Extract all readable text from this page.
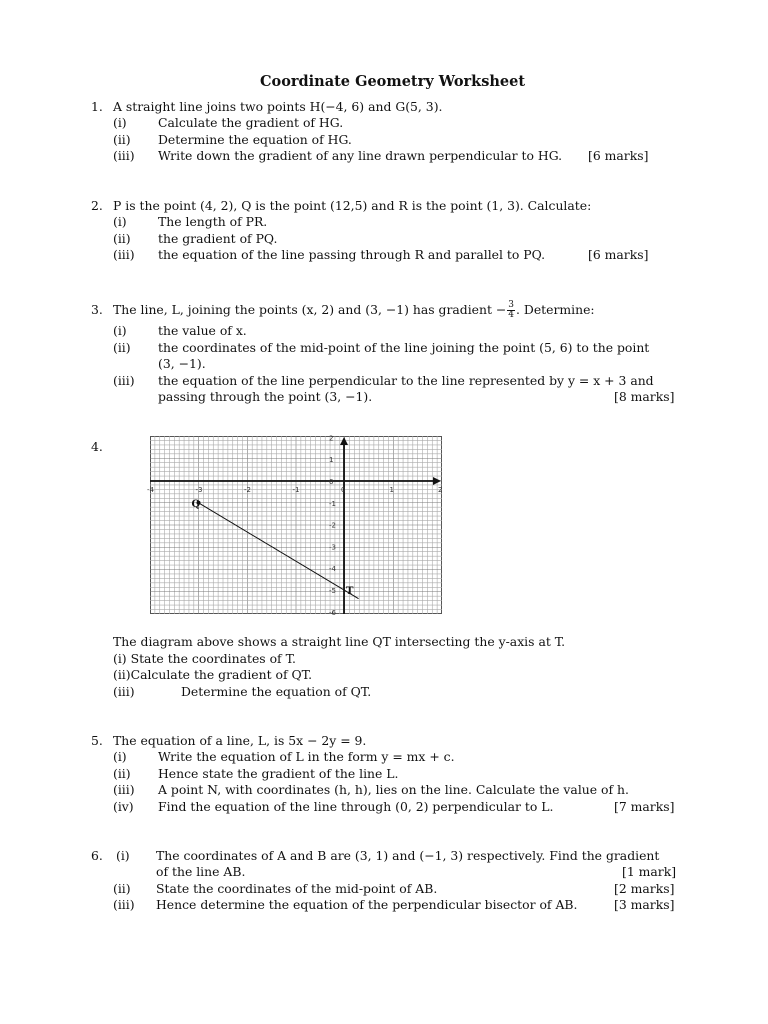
Coordinate Geometry Worksheet
1. A straight line joins two points H(−4, 6) and G(5, 3).
(i)	Calculate the gradient of HG.
(ii) Determine the equation of HG.
(iii) Write down the gradient of any line drawn perpendicular to HG. [6 marks]
2. P is the point (4, 2), Q is the point (12,5) and R is the point (1, 3). Calculate:
(i)	The length of PR.
(ii) the gradient of PQ.
(iii) the equation of the line passing through R and parallel to PQ.	[6 marks]
3. The line, L, joining the points (x, 2) and (3, −1) has gradient − $\frac{3}{4}$ . Determine:
(i)	the value of x.
(ii) the coordinates of the mid-point of the line joining the point (5, 6) to the point
(3, −1).
(iii) the equation of the line perpendicular to the line represented by y = x + 3 and
passing through the point (3, −1).	[8 marks]
4.
-4	-3	-2	-1	0	1	2
2
1
0
-1
-2
-3
-4
-5
-6
Q
T
The diagram above shows a straight line QT intersecting the y-axis at T.
(i) State the coordinates of T.
(ii)Calculate the gradient of QT.
(iii)	Determine the equation of QT.
5. The equation of a line, L, is 5x − 2y = 9.
(i)	Write the equation of L in the form y = mx + c.
(ii) Hence state the gradient of the line L.
(iii) A point N, with coordinates (h, h), lies on the line. Calculate the value of h.
(iv) Find the equation of the line through (0, 2) perpendicular to L.	[7 marks]
6. (i) The coordinates of A and B are (3, 1) and (−1, 3) respectively. Find the gradient
of the line AB.	[1 mark]
(ii) State the coordinates of the mid-point of AB.	[2 marks]
(iii) Hence determine the equation of the perpendicular bisector of AB.	[3 marks]
